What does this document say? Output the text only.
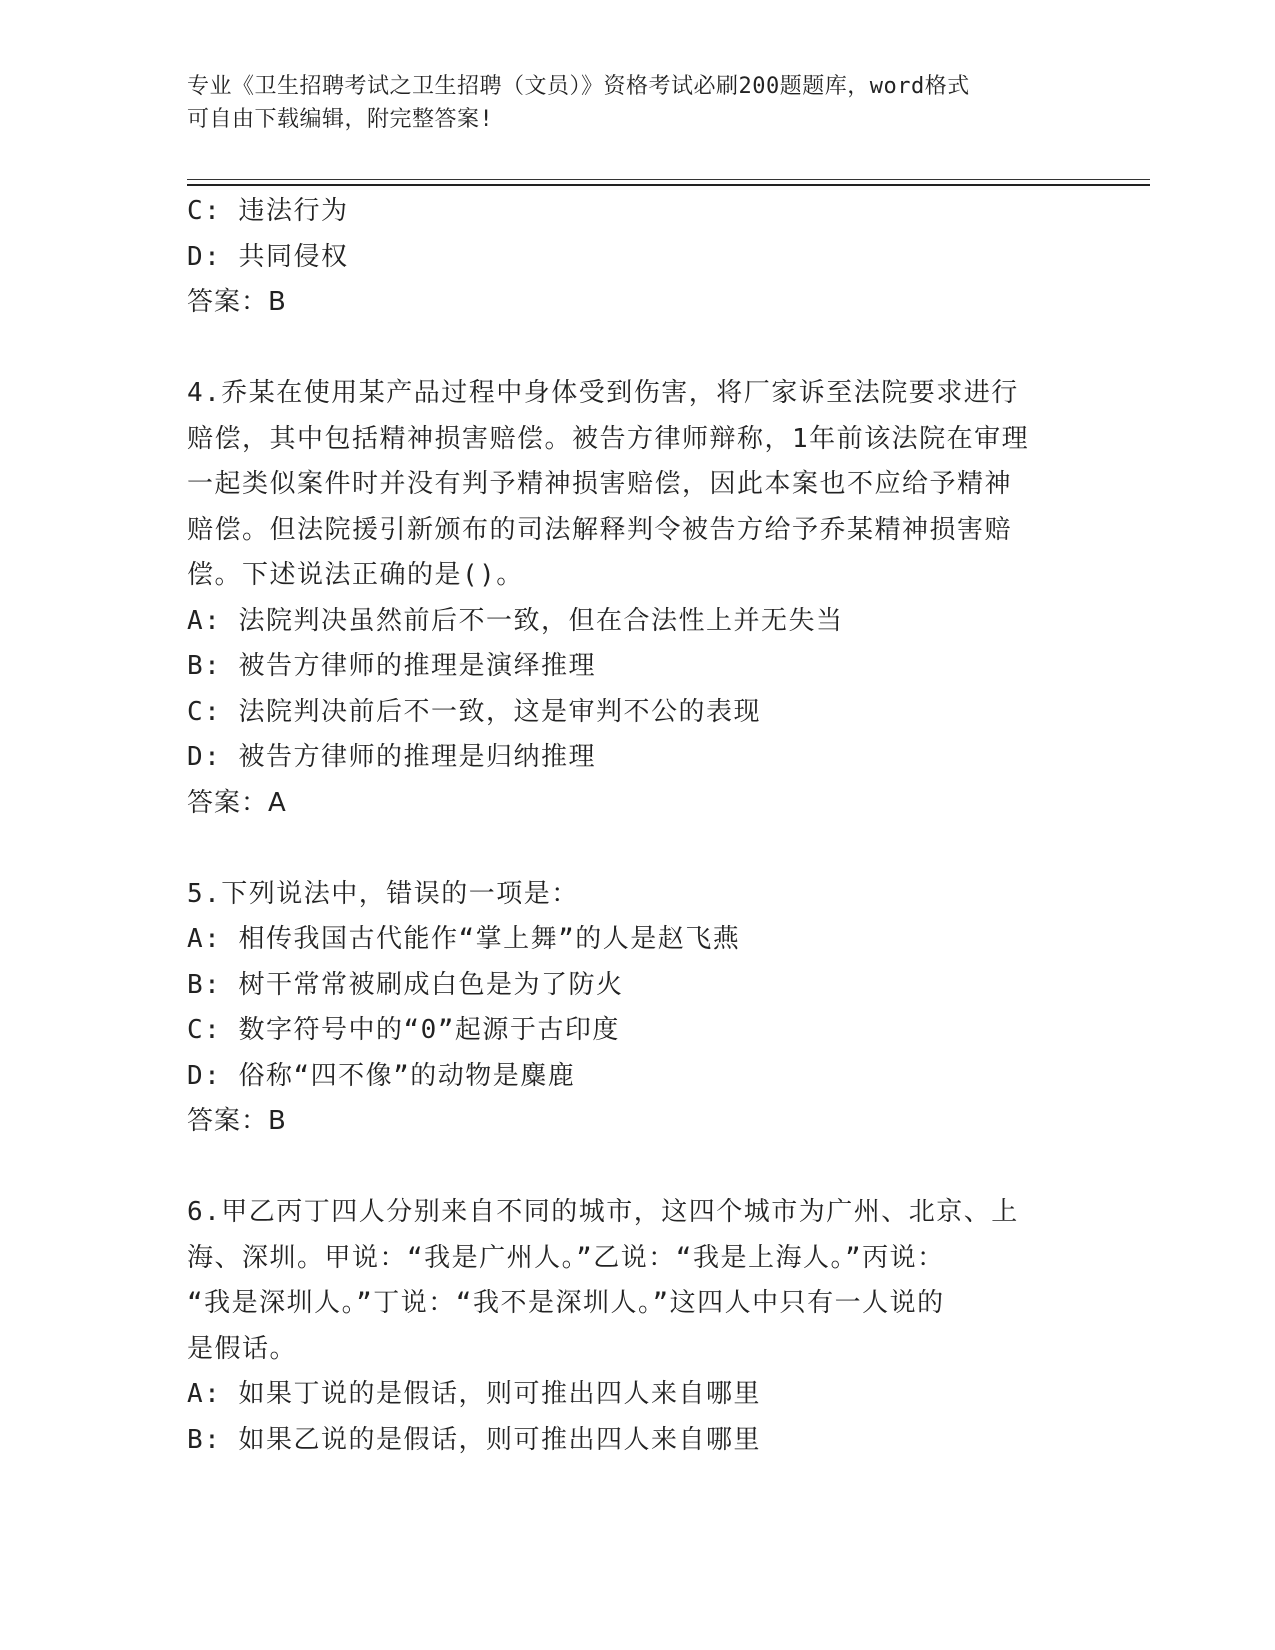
专业《卫生招聘考试之卫生招聘（文员）》资格考试必刷200题题库，word格式
可自由下载编辑，附完整答案!
C: 违法行为
D: 共同侵权
答案：B
4.乔某在使用某产品过程中身体受到伤害，将厂家诉至法院要求进行
赔偿，其中包括精神损害赔偿。被告方律师辩称，1年前该法院在审理
一起类似案件时并没有判予精神损害赔偿，因此本案也不应给予精神
赔偿。但法院援引新颁布的司法解释判令被告方给予乔某精神损害赔
偿。下述说法正确的是()。
A: 法院判决虽然前后不一致，但在合法性上并无失当
B: 被告方律师的推理是演绎推理
C: 法院判决前后不一致，这是审判不公的表现
D: 被告方律师的推理是归纳推理
答案：A
5.下列说法中，错误的一项是：
A: 相传我国古代能作“掌上舞”的人是赵飞燕
B: 树干常常被刷成白色是为了防火
C: 数字符号中的“0”起源于古印度
D: 俗称“四不像”的动物是麋鹿
答案：B
6.甲乙丙丁四人分别来自不同的城市，这四个城市为广州、北京、上
海、深圳。甲说：“我是广州人。”乙说：“我是上海人。”丙说：
“我是深圳人。”丁说：“我不是深圳人。”这四人中只有一人说的
是假话。
A: 如果丁说的是假话，则可推出四人来自哪里
B: 如果乙说的是假话，则可推出四人来自哪里
